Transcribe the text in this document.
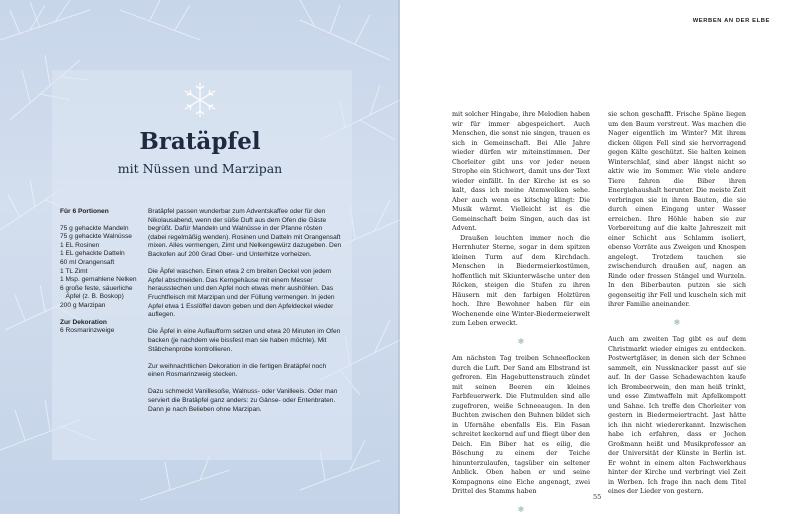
Bratäpfel
mit Nüssen und Marzipan
Für 6 Portionen
75 g gehackte Mandeln
75 g gehackte Walnüsse
1 EL Rosinen
1 EL gehackte Datteln
60 ml Orangensaft
1 TL Zimt
1 Msp. gemahlene Nelken
6 große feste, säuerliche
Äpfel (z. B. Boskop)
200 g Marzipan
Zur Dekoration
6 Rosmarinzweige

Bratäpfel passen wunderbar zum Adventskaffee oder für den Nikolausabend, wenn der süße Duft aus dem Ofen die Gäste begrüßt. Dafür Mandeln und Walnüsse in der Pfanne rösten (dabei regelmäßig wenden). Rosinen und Datteln mit Orangensaft mixen. Alles vermengen, Zimt und Nelkengewürz dazugeben. Den Backofen auf 200 Grad Ober- und Unterhitze vorheizen.

Die Äpfel waschen. Einen etwa 2 cm breiten Deckel von jedem Apfel abschneiden. Das Kerngehäuse mit einem Messer herausstechen und den Apfel noch etwas mehr aushöhlen. Das Fruchtfleisch mit Marzipan und der Füllung vermengen. In jeden Apfel etwa 1 Esslöffel davon geben und den Apfeldeckel wieder auflegen.

Die Äpfel in eine Auflaufform setzen und etwa 20 Minuten im Ofen backen (je nachdem wie bissfest man sie haben möchte). Mit Stäbchenprobe kontrollieren.

Zur weihnachtlichen Dekoration in die fertigen Bratäpfel noch einen Rosmarinzweig stecken.

Dazu schmeckt Vanillesoße, Walnuss- oder Vanilleeis. Oder man serviert die Bratäpfel ganz anders: zu Gänse- oder Entenbraten. Dann je nach Belieben ohne Marzipan.

WERBEN AN DER ELBE

mit solcher Hingabe, ihre Melodien haben wir für immer abgespeichert. Auch Menschen, die sonst nie singen, trauen es sich in Gemeinschaft. Bei Alle Jahre wieder dürfen wir miteinstimmen. Der Chorleiter gibt uns vor jeder neuen Strophe ein Stichwort, damit uns der Text wieder einfällt. In der Kirche ist es so kalt, dass ich meine Atemwolken sehe. Aber auch wenn es kitschig klingt: Die Musik wärmt. Vielleicht ist es die Gemeinschaft beim Singen, auch das ist Advent.

Draußen leuchten immer noch die Herrnhuter Sterne, sogar in dem spitzen kleinen Turm auf dem Kirchdach. Menschen in Biedermeierkostümen, hoffentlich mit Skiunterwäsche unter den Röcken, steigen die Stufen zu ihren Häusern mit den farbigen Holztüren hoch. Ihre Bewohner haben für ein Wochenende eine Winter-Biedermeierwelt zum Leben erweckt.

❄

Am nächsten Tag treiben Schneeflocken durch die Luft. Der Sand am Elbstrand ist gefroren. Ein Hagebuttenstrauch zündet mit seinen Beeren ein kleines Farbfeuerwerk. Die Flutmulden sind alle zugefroren, weiße Schneeaugen. In den Buchten zwischen den Buhnen bildet sich in Ufernähe ebenfalls Eis. Ein Fasan schreitet keckernd auf und fliegt über den Deich. Ein Biber hat es eilig, die Böschung zu einem der Teiche hinunterzulaufen, tagsüber ein seltener Anblick. Oben haben er und seine Kompagnons eine Eiche angenagt, zwei Drittel des Stamms haben

❄

sie schon geschafft. Frische Späne liegen um den Baum verstreut. Was machen die Nager eigentlich im Winter? Mit ihrem dicken öligen Fell sind sie hervorragend gegen Kälte geschützt. Sie halten keinen Winterschlaf, sind aber längst nicht so aktiv wie im Sommer. Wie viele andere Tiere fahren die Biber ihren Energiehaushalt herunter. Die meiste Zeit verbringen sie in ihren Bauten, die sie durch einen Eingang unter Wasser erreichen. Ihre Höhle haben sie zur Vorbereitung auf die kalte Jahreszeit mit einer Schicht aus Schlamm isoliert, ebenso Vorräte aus Zweigen und Knospen angelegt. Trotzdem tauchen sie zwischendurch draußen auf, nagen an Rinde oder fressen Stängel und Wurzeln. In den Biberbauten putzen sie sich gegenseitig ihr Fell und kuscheln sich mit ihrer Familie aneinander.

❄

Auch am zweiten Tag gibt es auf dem Christmarkt wieder einiges zu entdecken. Postwertgläser, in denen sich der Schnee sammelt, ein Nussknacker passt auf sie auf. In der Gasse Schadewachten kaufe ich Brombeerwein, den man heiß trinkt, und esse Zimtwaffeln mit Apfelkompott und Sahne. Ich treffe den Chorleiter von gestern in Biedermeiertracht. Jast hätte ich ihn nicht wiedererkannt. Inzwischen habe ich erfahren, dass er Jochen Großmann heißt und Musikprofessor an der Universität der Künste in Berlin ist. Er wohnt in einem alten Fachwerkhaus hinter der Kirche und verbringt viel Zeit in Werben. Ich frage ihn nach dem Titel eines der Lieder von gestern.

55
